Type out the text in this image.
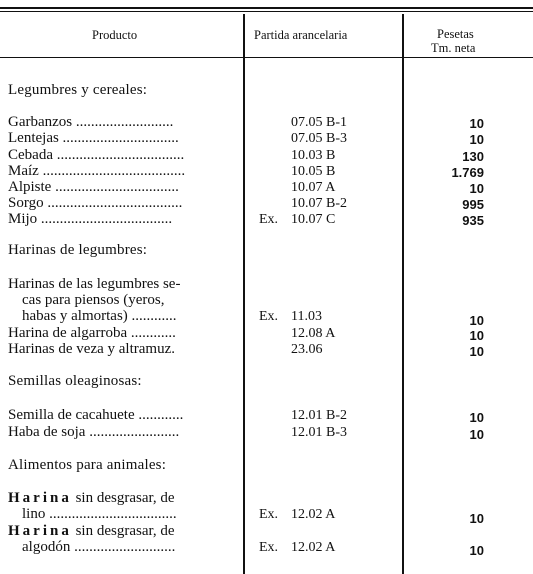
Producto	Partida arancelaria	Pesetas
Tm. neta
Legumbres y cereales:
Garbanzos ..........................	07.05 B-1	10
Lentejas ...............................	07.05 B-3	10
Cebada ..................................	10.03 B	130
Maíz ......................................	10.05 B	1.769
Alpiste .................................	10.07 A	10
Sorgo ....................................	10.07 B-2	995
Mijo ...................................	Ex. 10.07 C	935
Harinas de legumbres:
Harinas de las legumbres se-
cas para piensos (yeros,
habas y almortas) ............	Ex. 11.03	10
Harina de algarroba ............	12.08 A	10
Harinas de veza y altramuz.	23.06	10
Semillas oleaginosas:
Semilla de cacahuete ............	12.01 B-2	10
Haba de soja ........................	12.01 B-3	10
Alimentos para animales:
Harina sin desgrasar, de
lino ..................................	Ex. 12.02 A	10
Harina sin desgrasar, de
algodón ...........................	Ex. 12.02 A	10
